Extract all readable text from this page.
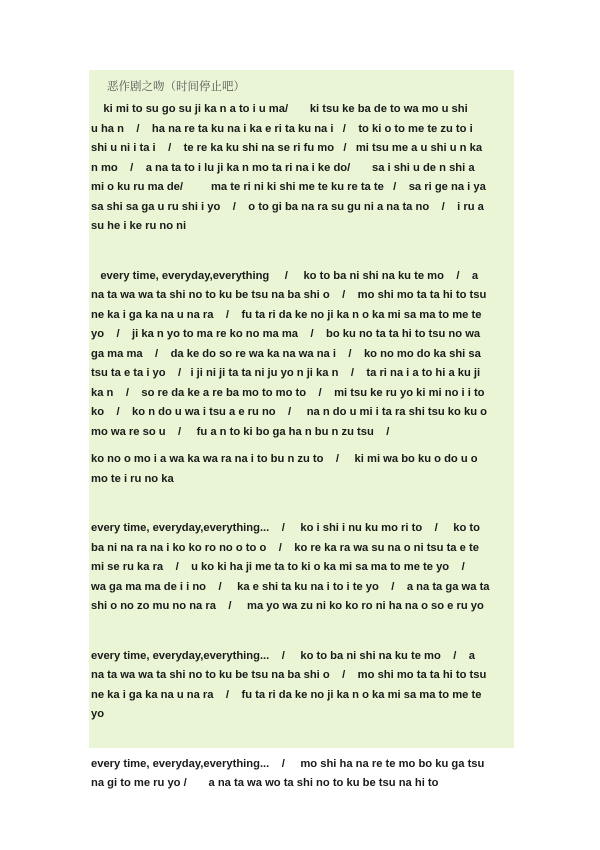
恶作剧之吻（时间停止吧）
ki mi to su go su ji ka n a to i u ma/       ki tsu ke ba de to wa mo u shi
u ha n    /    ha na re ta ku na i ka e ri ta ku na i   /    to ki o to me te zu to i
shi u ni i ta i    /    te re ka ku shi na se ri fu mo   /   mi tsu me a u shi u n ka
n mo    /    a na ta to i lu ji ka n mo ta ri na i ke do/       sa i shi u de n shi a
mi o ku ru ma de/         ma te ri ni ki shi me te ku re ta te   /    sa ri ge na i ya
sa shi sa ga u ru shi i yo    /    o to gi ba na ra su gu ni a na ta no    /    i ru a
su he i ke ru no ni
every time, everyday,everything     /     ko to ba ni shi na ku te mo    /    a
na ta wa wa ta shi no to ku be tsu na ba shi o    /    mo shi mo ta ta hi to tsu
ne ka i ga ka na u na ra    /    fu ta ri da ke no ji ka n o ka mi sa ma to me te
yo    /    ji ka n yo to ma re ko no ma ma    /    bo ku no ta ta hi to tsu no wa
ga ma ma    /    da ke do so re wa ka na wa na i    /    ko no mo do ka shi sa
tsu ta e ta i yo    /   i ji ni ji ta ta ni ju yo n ji ka n    /    ta ri na i a to hi a ku ji
ka n    /    so re da ke a re ba mo to mo to    /    mi tsu ke ru yo ki mi no i i to
ko    /    ko n do u wa i tsu a e ru no    /     na n do u mi i ta ra shi tsu ko ku o
mo wa re so u    /     fu a n to ki bo ga ha n bu n zu tsu    /
ko no o mo i a wa ka wa ra na i to bu n zu to    /     ki mi wa bo ku o do u o
mo te i ru no ka
every time, everyday,everything...    /     ko i shi i nu ku mo ri to    /     ko to
ba ni na ra na i ko ko ro no o to o    /    ko re ka ra wa su na o ni tsu ta e te
mi se ru ka ra    /    u ko ki ha ji me ta to ki o ka mi sa ma to me te yo    /
wa ga ma ma de i i no    /     ka e shi ta ku na i to i te yo    /    a na ta ga wa ta
shi o no zo mu no na ra    /     ma yo wa zu ni ko ko ro ni ha na o so e ru yo
every time, everyday,everything...    /     ko to ba ni shi na ku te mo    /    a
na ta wa wa ta shi no to ku be tsu na ba shi o    /    mo shi mo ta ta hi to tsu
ne ka i ga ka na u na ra    /    fu ta ri da ke no ji ka n o ka mi sa ma to me te
yo
every time, everyday,everything...    /     mo shi ha na re te mo bo ku ga tsu
na gi to me ru yo /       a na ta wa wo ta shi no to ku be tsu na hi to
